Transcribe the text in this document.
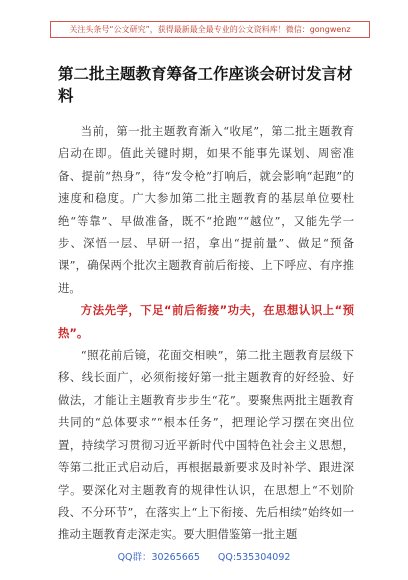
关注头条号“公文研究”，获得最新最全最专业的公文资料库！微信：gongwenz
第二批主题教育筹备工作座谈会研讨发言材料

当前，第一批主题教育渐入“收尾”，第二批主题教育启动在即。值此关键时期，如果不能事先谋划、周密准备、提前“热身”，待“发令枪”打响后，就会影响“起跑”的速度和稳度。广大参加第二批主题教育的基层单位要杜绝“等靠”、早做准备，既不“抢跑”“越位”，又能先学一步、深悟一层、早研一招，拿出“提前量”、做足“预备课”，确保两个批次主题教育前后衔接、上下呼应、有序推进。

方法先学，下足“前后衔接”功夫，在思想认识上“预热”。

“照花前后镜，花面交相映”，第二批主题教育层级下移、线长面广，必须衔接好第一批主题教育的好经验、好做法，才能让主题教育步步生“花”。要聚焦两批主题教育共同的“总体要求”“根本任务”，把理论学习摆在突出位置，持续学习贯彻习近平新时代中国特色社会主义思想，等第二批正式启动后，再根据最新要求及时补学、跟进深学。要深化对主题教育的规律性认识，在思想上“不划阶段、不分环节”，在落实上“上下衔接、先后相续”始终如一推动主题教育走深走实。要大胆借鉴第一批主题

QQ群：30265665 QQ:535304092
